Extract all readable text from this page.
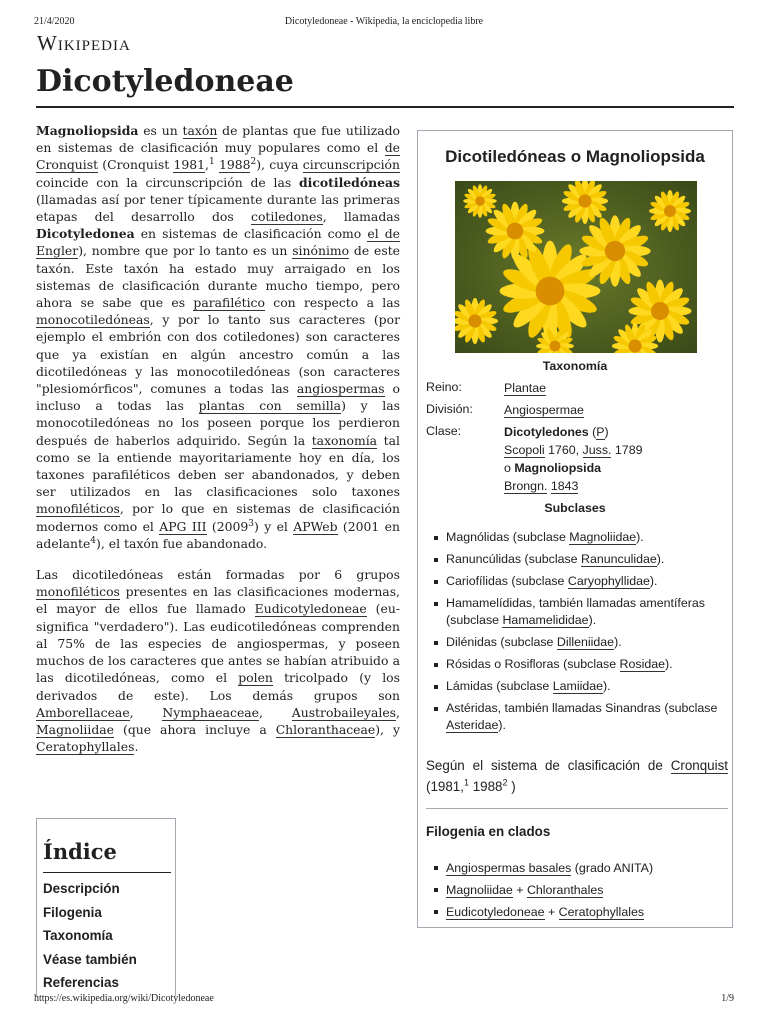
21/4/2020	Dicotyledoneae - Wikipedia, la enciclopedia libre
Wikipedia
Dicotyledoneae

Magnoliopsida es un taxón de plantas que fue utilizado en sistemas de clasificación muy populares como el de Cronquist (Cronquist 1981,$^1$ 1988$^2$), cuya circunscripción coincide con la circunscripción de las dicotiledóneas (llamadas así por tener típicamente durante las primeras etapas del desarrollo dos cotiledones, llamadas Dicotyledonea en sistemas de clasificación como el de Engler), nombre que por lo tanto es un sinónimo de este taxón. Este taxón ha estado muy arraigado en los sistemas de clasificación durante mucho tiempo, pero ahora se sabe que es parafilético con respecto a las monocotiledóneas, y por lo tanto sus caracteres (por ejemplo el embrión con dos cotiledones) son caracteres que ya existían en algún ancestro común a las dicotiledóneas y las monocotiledóneas (son caracteres "plesiomórficos", comunes a todas las angiospermas o incluso a todas las plantas con semilla) y las monocotiledóneas no los poseen porque los perdieron después de haberlos adquirido. Según la taxonomía tal como se la entiende mayoritariamente hoy en día, los taxones parafiléticos deben ser abandonados, y deben ser utilizados en las clasificaciones solo taxones monofiléticos, por lo que en sistemas de clasificación modernos como el APG III (2009$^3$) y el APWeb (2001 en adelante$^4$), el taxón fue abandonado.

Las dicotiledóneas están formadas por 6 grupos monofiléticos presentes en las clasificaciones modernas, el mayor de ellos fue llamado Eudicotyledoneae (eu- significa "verdadero"). Las eudicotiledóneas comprenden al 75% de las especies de angiospermas, y poseen muchos de los caracteres que antes se habían atribuido a las dicotiledóneas, como el polen tricolpado (y los derivados de este). Los demás grupos son Amborellaceae, Nymphaeaceae, Austrobaileyales, Magnoliidae (que ahora incluye a Chloranthaceae), y Ceratophyllales.

Dicotiledóneas o Magnoliopsida
Taxonomía
Reino:	Plantae
División:	Angiospermae
Clase:	Dicotyledones (P)
Scopoli 1760, Juss. 1789
o Magnoliopsida
Brongn. 1843
Subclases
Magnólidas (subclase Magnoliidae).
Ranuncúlidas (subclase Ranunculidae).
Cariofílidas (subclase Caryophyllidae).
Hamamelídidas, también llamadas amentíferas (subclase Hamamelididae).
Dilénidas (subclase Dilleniidae).
Rósidas o Rosifloras (subclase Rosidae).
Lámidas (subclase Lamiidae).
Astéridas, también llamadas Sinandras (subclase Asteridae).
Según el sistema de clasificación de Cronquist (1981,$^1$ 1988$^2$ )
Filogenia en clados
Angiospermas basales (grado ANITA)
Magnoliidae + Chloranthales
Eudicotyledoneae + Ceratophyllales
Índice
Descripción
Filogenia
Taxonomía
Véase también
Referencias
https://es.wikipedia.org/wiki/Dicotyledoneae	1/9
